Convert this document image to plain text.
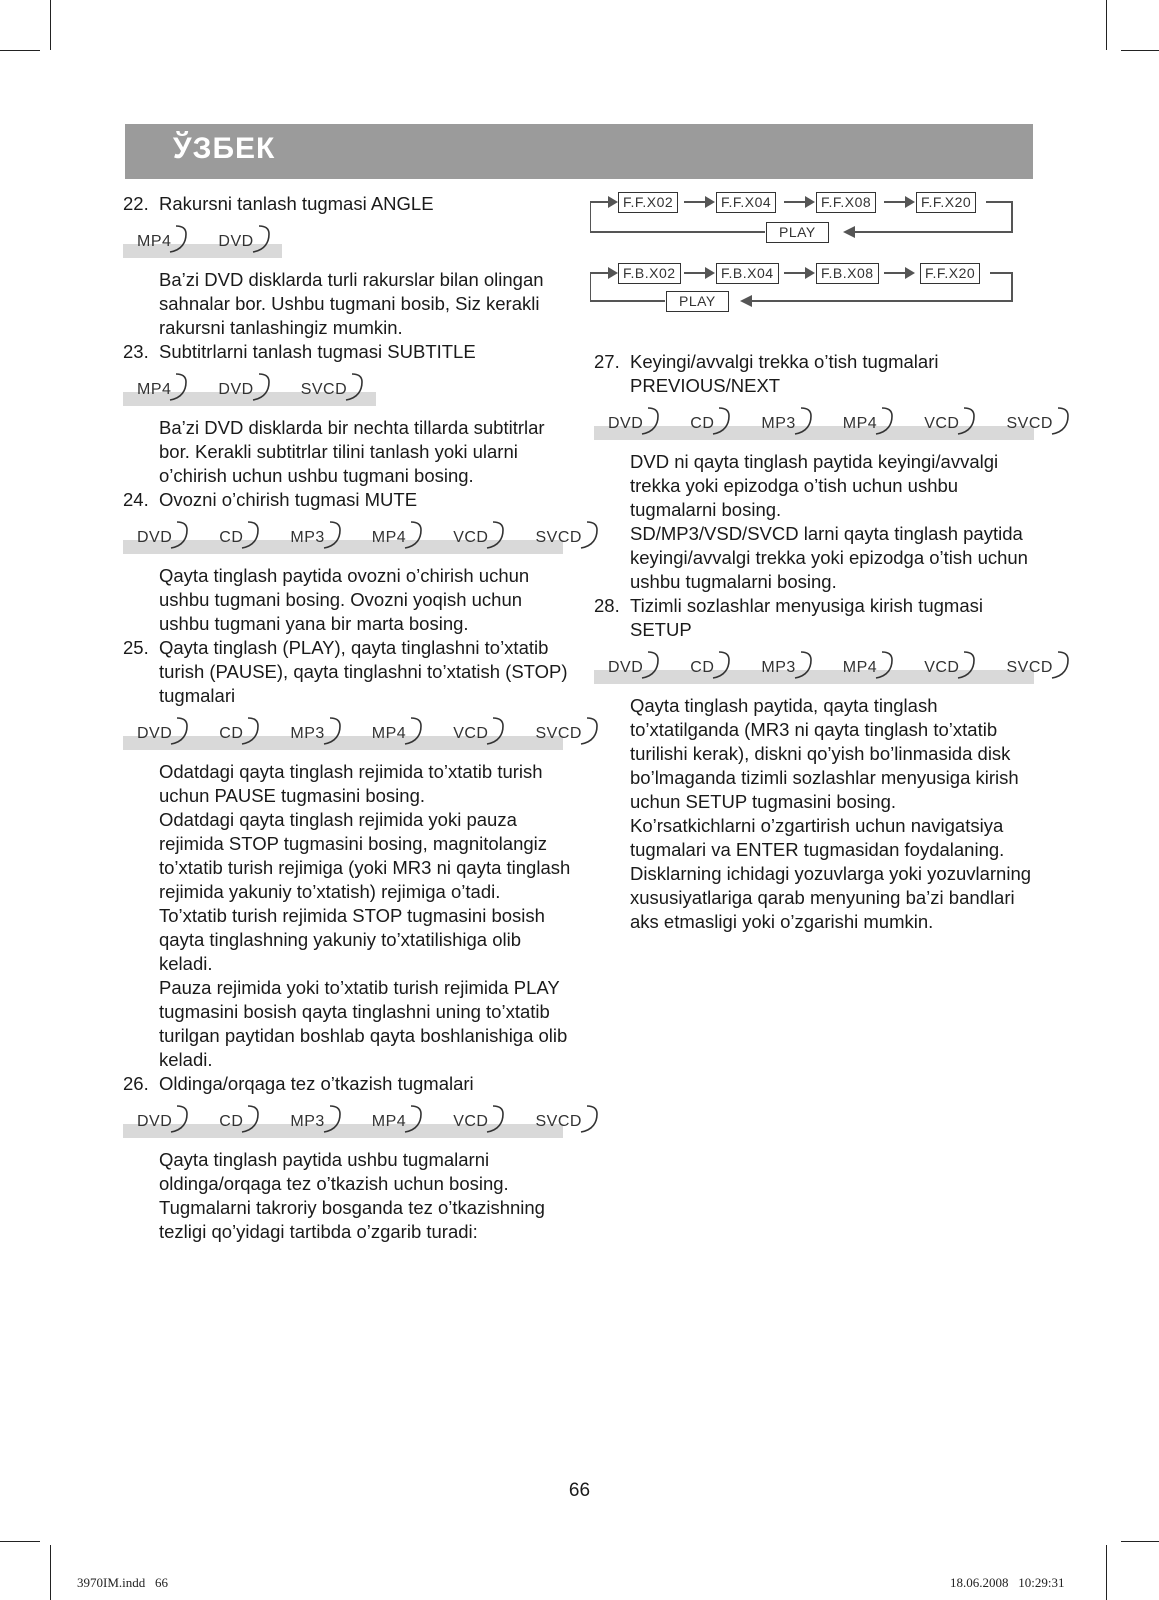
ЎЗБЕК
22. Rakursni tanlash tugmasi ANGLE
MP4	DVD

Ba’zi DVD disklarda turli rakurslar bilan olingan sahnalar bor. Ushbu tugmani bosib, Siz kerakli rakursni tanlashingiz mumkin.

23. Subtitrlarni tanlash tugmasi SUBTITLE
MP4	DVD	SVCD

Ba’zi DVD disklarda bir nechta tillarda subtitrlar bor. Kerakli subtitrlar tilini tanlash yoki ularni o’chirish uchun ushbu tugmani bosing.

24. Ovozni o’chirish tugmasi MUTE
DVD	CD	MP3	MP4	VCD	SVCD

Qayta tinglash paytida ovozni o’chirish uchun ushbu tugmani bosing. Ovozni yoqish uchun ushbu tugmani yana bir marta bosing.

25. Qayta tinglash (PLAY), qayta tinglashni to’xtatib turish (PAUSE), qayta tinglashni to’xtatish (STOP) tugmalari
DVD	CD	MP3	MP4	VCD	SVCD

Odatdagi qayta tinglash rejimida to’xtatib turish uchun PAUSE tugmasini bosing.

Odatdagi qayta tinglash rejimida yoki pauza rejimida STOP tugmasini bosing, magnitolangiz to’xtatib turish rejimiga (yoki MR3 ni qayta tinglash rejimida yakuniy to’xtatish) rejimiga o’tadi.

To’xtatib turish rejimida STOP tugmasini bosish qayta tinglashning yakuniy to’xtatilishiga olib keladi.

Pauza rejimida yoki to’xtatib turish rejimida PLAY tugmasini bosish qayta tinglashni uning to’xtatib turilgan paytidan boshlab qayta boshlanishiga olib keladi.

26. Oldinga/orqaga tez o’tkazish tugmalari
DVD	CD	MP3	MP4	VCD	SVCD

Qayta tinglash paytida ushbu tugmalarni oldinga/orqaga tez o’tkazish uchun bosing. Tugmalarni takroriy bosganda tez o’tkazishning tezligi qo’yidagi tartibda o’zgarib turadi:

27. Keyingi/avvalgi trekka o’tish tugmalari PREVIOUS/NEXT
DVD	CD	MP3	MP4	VCD	SVCD

DVD ni qayta tinglash paytida keyingi/avvalgi trekka yoki epizodga o’tish uchun ushbu tugmalarni bosing.

SD/MP3/VSD/SVCD larni qayta tinglash paytida keyingi/avvalgi trekka yoki epizodga o’tish uchun ushbu tugmalarni bosing.

28. Tizimli sozlashlar menyusiga kirish tugmasi SETUP
DVD	CD	MP3	MP4	VCD	SVCD

Qayta tinglash paytida, qayta tinglash to’xtatilganda (MR3 ni qayta tinglash to’xtatib turilishi kerak), diskni qo’yish bo’linmasida disk bo’lmaganda tizimli sozlashlar menyusiga kirish uchun SETUP tugmasini bosing.

Ko’rsatkichlarni o’zgartirish uchun navigatsiya tugmalari va ENTER tugmasidan foydalaning.

Disklarning ichidagi yozuvlarga yoki yozuvlarning xususiyatlariga qarab menyuning ba’zi bandlari aks etmasligi yoki o’zgarishi mumkin.

F.F.X02	F.F.X04	F.F.X08	F.F.X20
PLAY
F.B.X02	F.B.X04	F.B.X08	F.F.X20
PLAY
66
3970IM.indd   66	18.06.2008   10:29:31
